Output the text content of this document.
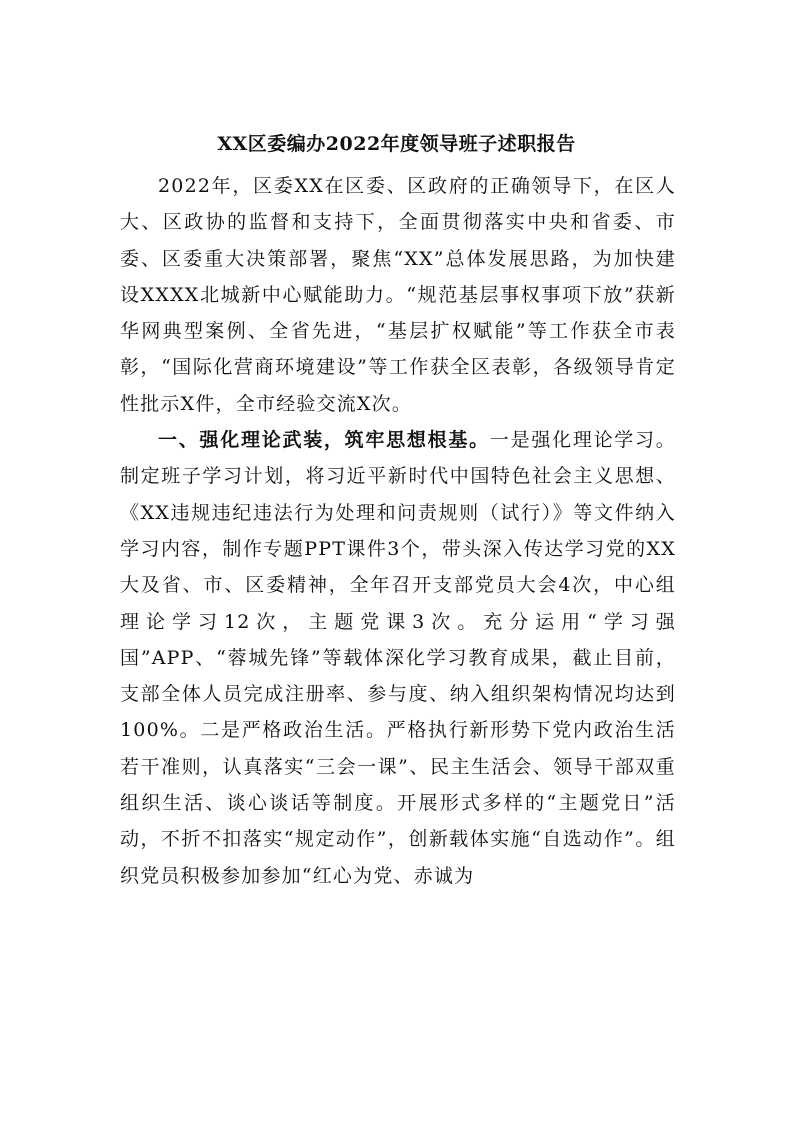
XX区委编办2022年度领导班子述职报告

2022年，区委XX在区委、区政府的正确领导下，在区人大、区政协的监督和支持下，全面贯彻落实中央和省委、市委、区委重大决策部署，聚焦“XX”总体发展思路，为加快建设XXXX北城新中心赋能助力。“规范基层事权事项下放”获新华网典型案例、全省先进，“基层扩权赋能”等工作获全市表彰，“国际化营商环境建设”等工作获全区表彰，各级领导肯定性批示X件，全市经验交流X次。

一、强化理论武装，筑牢思想根基。一是强化理论学习。制定班子学习计划，将习近平新时代中国特色社会主义思想、《XX违规违纪违法行为处理和问责规则（试行）》等文件纳入学习内容，制作专题PPT课件3个，带头深入传达学习党的XX大及省、市、区委精神，全年召开支部党员大会4次，中心组理论学习12次，主题党课3次。充分运用“学习强国”APP、“蓉城先锋”等载体深化学习教育成果，截止目前，支部全体人员完成注册率、参与度、纳入组织架构情况均达到100%。二是严格政治生活。严格执行新形势下党内政治生活若干准则，认真落实“三会一课”、民主生活会、领导干部双重组织生活、谈心谈话等制度。开展形式多样的“主题党日”活动，不折不扣落实“规定动作”，创新载体实施“自选动作”。组织党员积极参加参加“红心为党、赤诚为
